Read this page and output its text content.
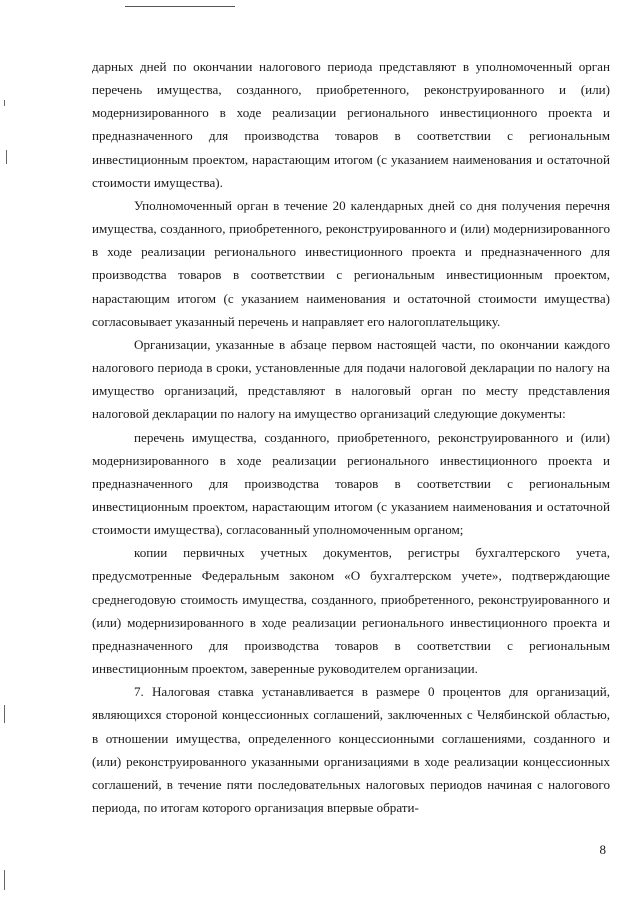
дарных дней по окончании налогового периода представляют в уполномоченный орган перечень имущества, созданного, приобретенного, реконструированного и (или) модернизированного в ходе реализации регионального инвестиционного проекта и предназначенного для производства товаров в соответствии с региональным инвестиционным проектом, нарастающим итогом (с указанием наименования и остаточной стоимости имущества).

Уполномоченный орган в течение 20 календарных дней со дня получения перечня имущества, созданного, приобретенного, реконструированного и (или) модернизированного в ходе реализации регионального инвестиционного проекта и предназначенного для производства товаров в соответствии с региональным инвестиционным проектом, нарастающим итогом (с указанием наименования и остаточной стоимости имущества) согласовывает указанный перечень и направляет его налогоплательщику.

Организации, указанные в абзаце первом настоящей части, по окончании каждого налогового периода в сроки, установленные для подачи налоговой декларации по налогу на имущество организаций, представляют в налоговый орган по месту представления налоговой декларации по налогу на имущество организаций следующие документы:

перечень имущества, созданного, приобретенного, реконструированного и (или) модернизированного в ходе реализации регионального инвестиционного проекта и предназначенного для производства товаров в соответствии с региональным инвестиционным проектом, нарастающим итогом (с указанием наименования и остаточной стоимости имущества), согласованный уполномоченным органом;

копии первичных учетных документов, регистры бухгалтерского учета, предусмотренные Федеральным законом «О бухгалтерском учете», подтверждающие среднегодовую стоимость имущества, созданного, приобретенного, реконструированного и (или) модернизированного в ходе реализации регионального инвестиционного проекта и предназначенного для производства товаров в соответствии с региональным инвестиционным проектом, заверенные руководителем организации.

7. Налоговая ставка устанавливается в размере 0 процентов для организаций, являющихся стороной концессионных соглашений, заключенных с Челябинской областью, в отношении имущества, определенного концессионными соглашениями, созданного и (или) реконструированного указанными организациями в ходе реализации концессионных соглашений, в течение пяти последовательных налоговых периодов начиная с налогового периода, по итогам которого организация впервые обрати-

8
